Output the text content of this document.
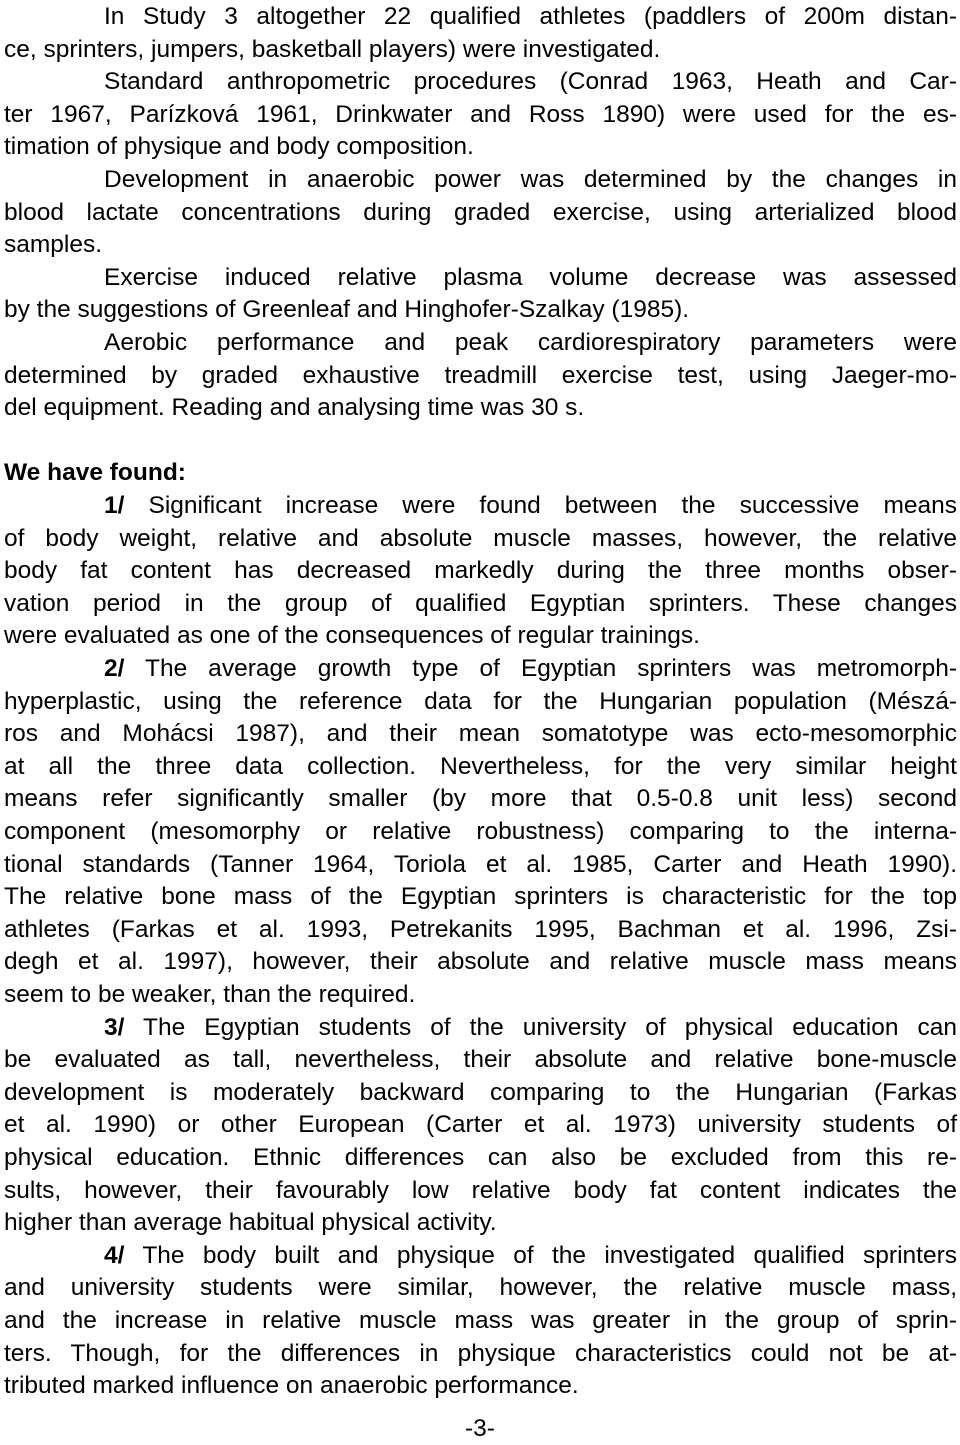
In Study 3 altogether 22 qualified athletes (paddlers of 200m distan-
ce, sprinters, jumpers, basketball players) were investigated.
Standard anthropometric procedures (Conrad 1963, Heath and Car-
ter 1967, Parízková 1961, Drinkwater and Ross 1890) were used for the es-
timation of physique and body composition.
Development in anaerobic power was determined by the changes in
blood lactate concentrations during graded exercise, using arterialized blood
samples.
Exercise induced relative plasma volume decrease was assessed
by the suggestions of Greenleaf and Hinghofer-Szalkay (1985).
Aerobic performance and peak cardiorespiratory parameters were
determined by graded exhaustive treadmill exercise test, using Jaeger-mo-
del equipment. Reading and analysing time was 30 s.
We have found:
1/ Significant increase were found between the successive means
of body weight, relative and absolute muscle masses, however, the relative
body fat content has decreased markedly during the three months obser-
vation period in the group of qualified Egyptian sprinters. These changes
were evaluated as one of the consequences of regular trainings.
2/ The average growth type of Egyptian sprinters was metromorph-
hyperplastic, using the reference data for the Hungarian population (Mészá-
ros and Mohácsi 1987), and their mean somatotype was ecto-mesomorphic
at all the three data collection. Nevertheless, for the very similar height
means refer significantly smaller (by more that 0.5-0.8 unit less) second
component (mesomorphy or relative robustness) comparing to the interna-
tional standards (Tanner 1964, Toriola et al. 1985, Carter and Heath 1990).
The relative bone mass of the Egyptian sprinters is characteristic for the top
athletes (Farkas et al. 1993, Petrekanits 1995, Bachman et al. 1996, Zsi-
degh et al. 1997), however, their absolute and relative muscle mass means
seem to be weaker, than the required.
3/ The Egyptian students of the university of physical education can
be evaluated as tall, nevertheless, their absolute and relative bone-muscle
development is moderately backward comparing to the Hungarian (Farkas
et al. 1990) or other European (Carter et al. 1973) university students of
physical education. Ethnic differences can also be excluded from this re-
sults, however, their favourably low relative body fat content indicates the
higher than average habitual physical activity.
4/ The body built and physique of the investigated qualified sprinters
and university students were similar, however, the relative muscle mass,
and the increase in relative muscle mass was greater in the group of sprin-
ters. Though, for the differences in physique characteristics could not be at-
tributed marked influence on anaerobic performance.
-3-
